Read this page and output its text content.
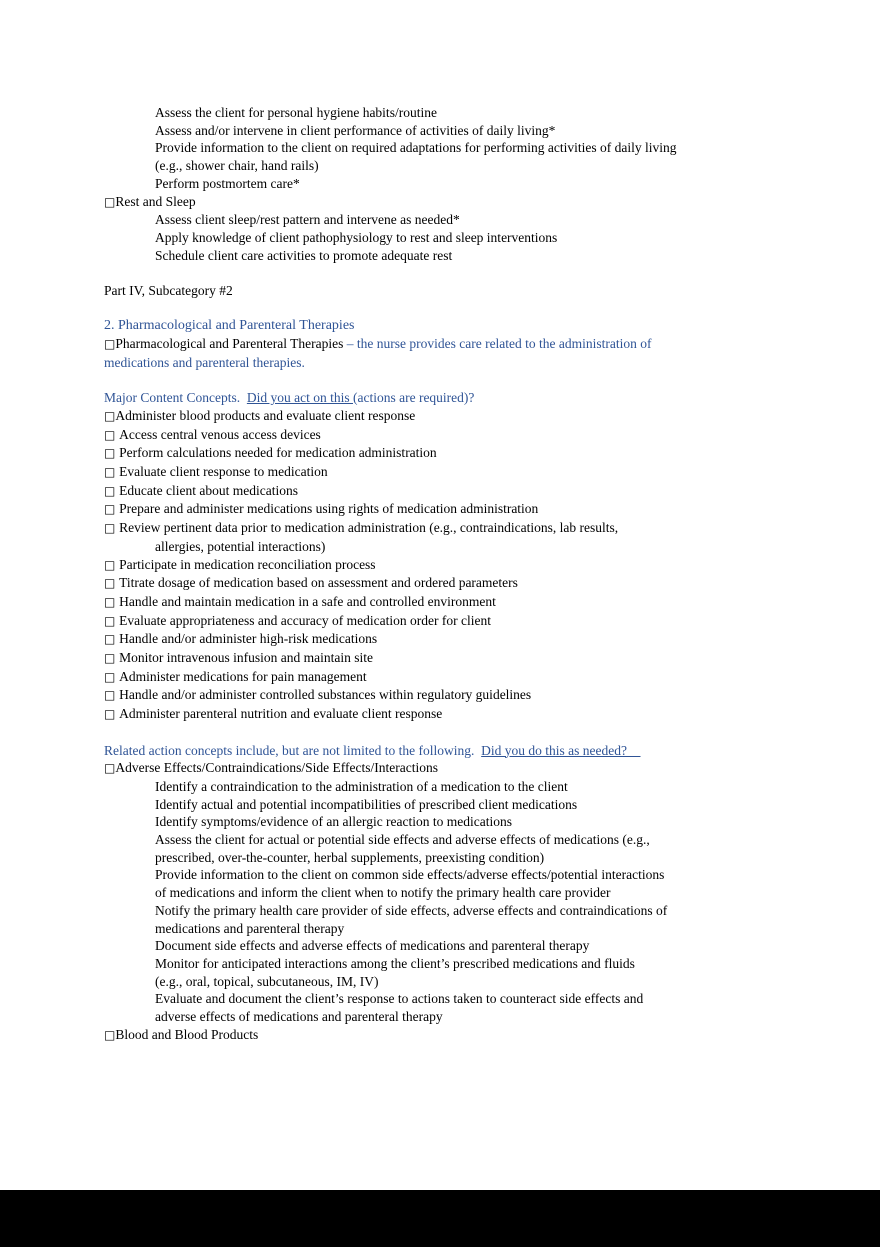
Assess the client for personal hygiene habits/routine
Assess and/or intervene in client performance of activities of daily living*
Provide information to the client on required adaptations for performing activities of daily living
(e.g., shower chair, hand rails)
Perform postmortem care*
□Rest and Sleep
Assess client sleep/rest pattern and intervene as needed*
Apply knowledge of client pathophysiology to rest and sleep interventions
Schedule client care activities to promote adequate rest
Part IV, Subcategory #2
2. Pharmacological and Parenteral Therapies
□Pharmacological and Parenteral Therapies – the nurse provides care related to the administration of
medications and parenteral therapies.
Major Content Concepts.  Did you act on this (actions are required)?
□Administer blood products and evaluate client response
□ Access central venous access devices
□ Perform calculations needed for medication administration
□ Evaluate client response to medication
□ Educate client about medications
□ Prepare and administer medications using rights of medication administration
□ Review pertinent data prior to medication administration (e.g., contraindications, lab results,
allergies, potential interactions)
□ Participate in medication reconciliation process
□ Titrate dosage of medication based on assessment and ordered parameters
□ Handle and maintain medication in a safe and controlled environment
□ Evaluate appropriateness and accuracy of medication order for client
□ Handle and/or administer high-risk medications
□ Monitor intravenous infusion and maintain site
□ Administer medications for pain management
□ Handle and/or administer controlled substances within regulatory guidelines
□ Administer parenteral nutrition and evaluate client response
Related action concepts include, but are not limited to the following.  Did you do this as needed?
□Adverse Effects/Contraindications/Side Effects/Interactions
Identify a contraindication to the administration of a medication to the client
Identify actual and potential incompatibilities of prescribed client medications
Identify symptoms/evidence of an allergic reaction to medications
Assess the client for actual or potential side effects and adverse effects of medications (e.g.,
prescribed, over-the-counter, herbal supplements, preexisting condition)
Provide information to the client on common side effects/adverse effects/potential interactions
of medications and inform the client when to notify the primary health care provider
Notify the primary health care provider of side effects, adverse effects and contraindications of
medications and parenteral therapy
Document side effects and adverse effects of medications and parenteral therapy
Monitor for anticipated interactions among the client’s prescribed medications and fluids
(e.g., oral, topical, subcutaneous, IM, IV)
Evaluate and document the client’s response to actions taken to counteract side effects and
adverse effects of medications and parenteral therapy
□Blood and Blood Products
